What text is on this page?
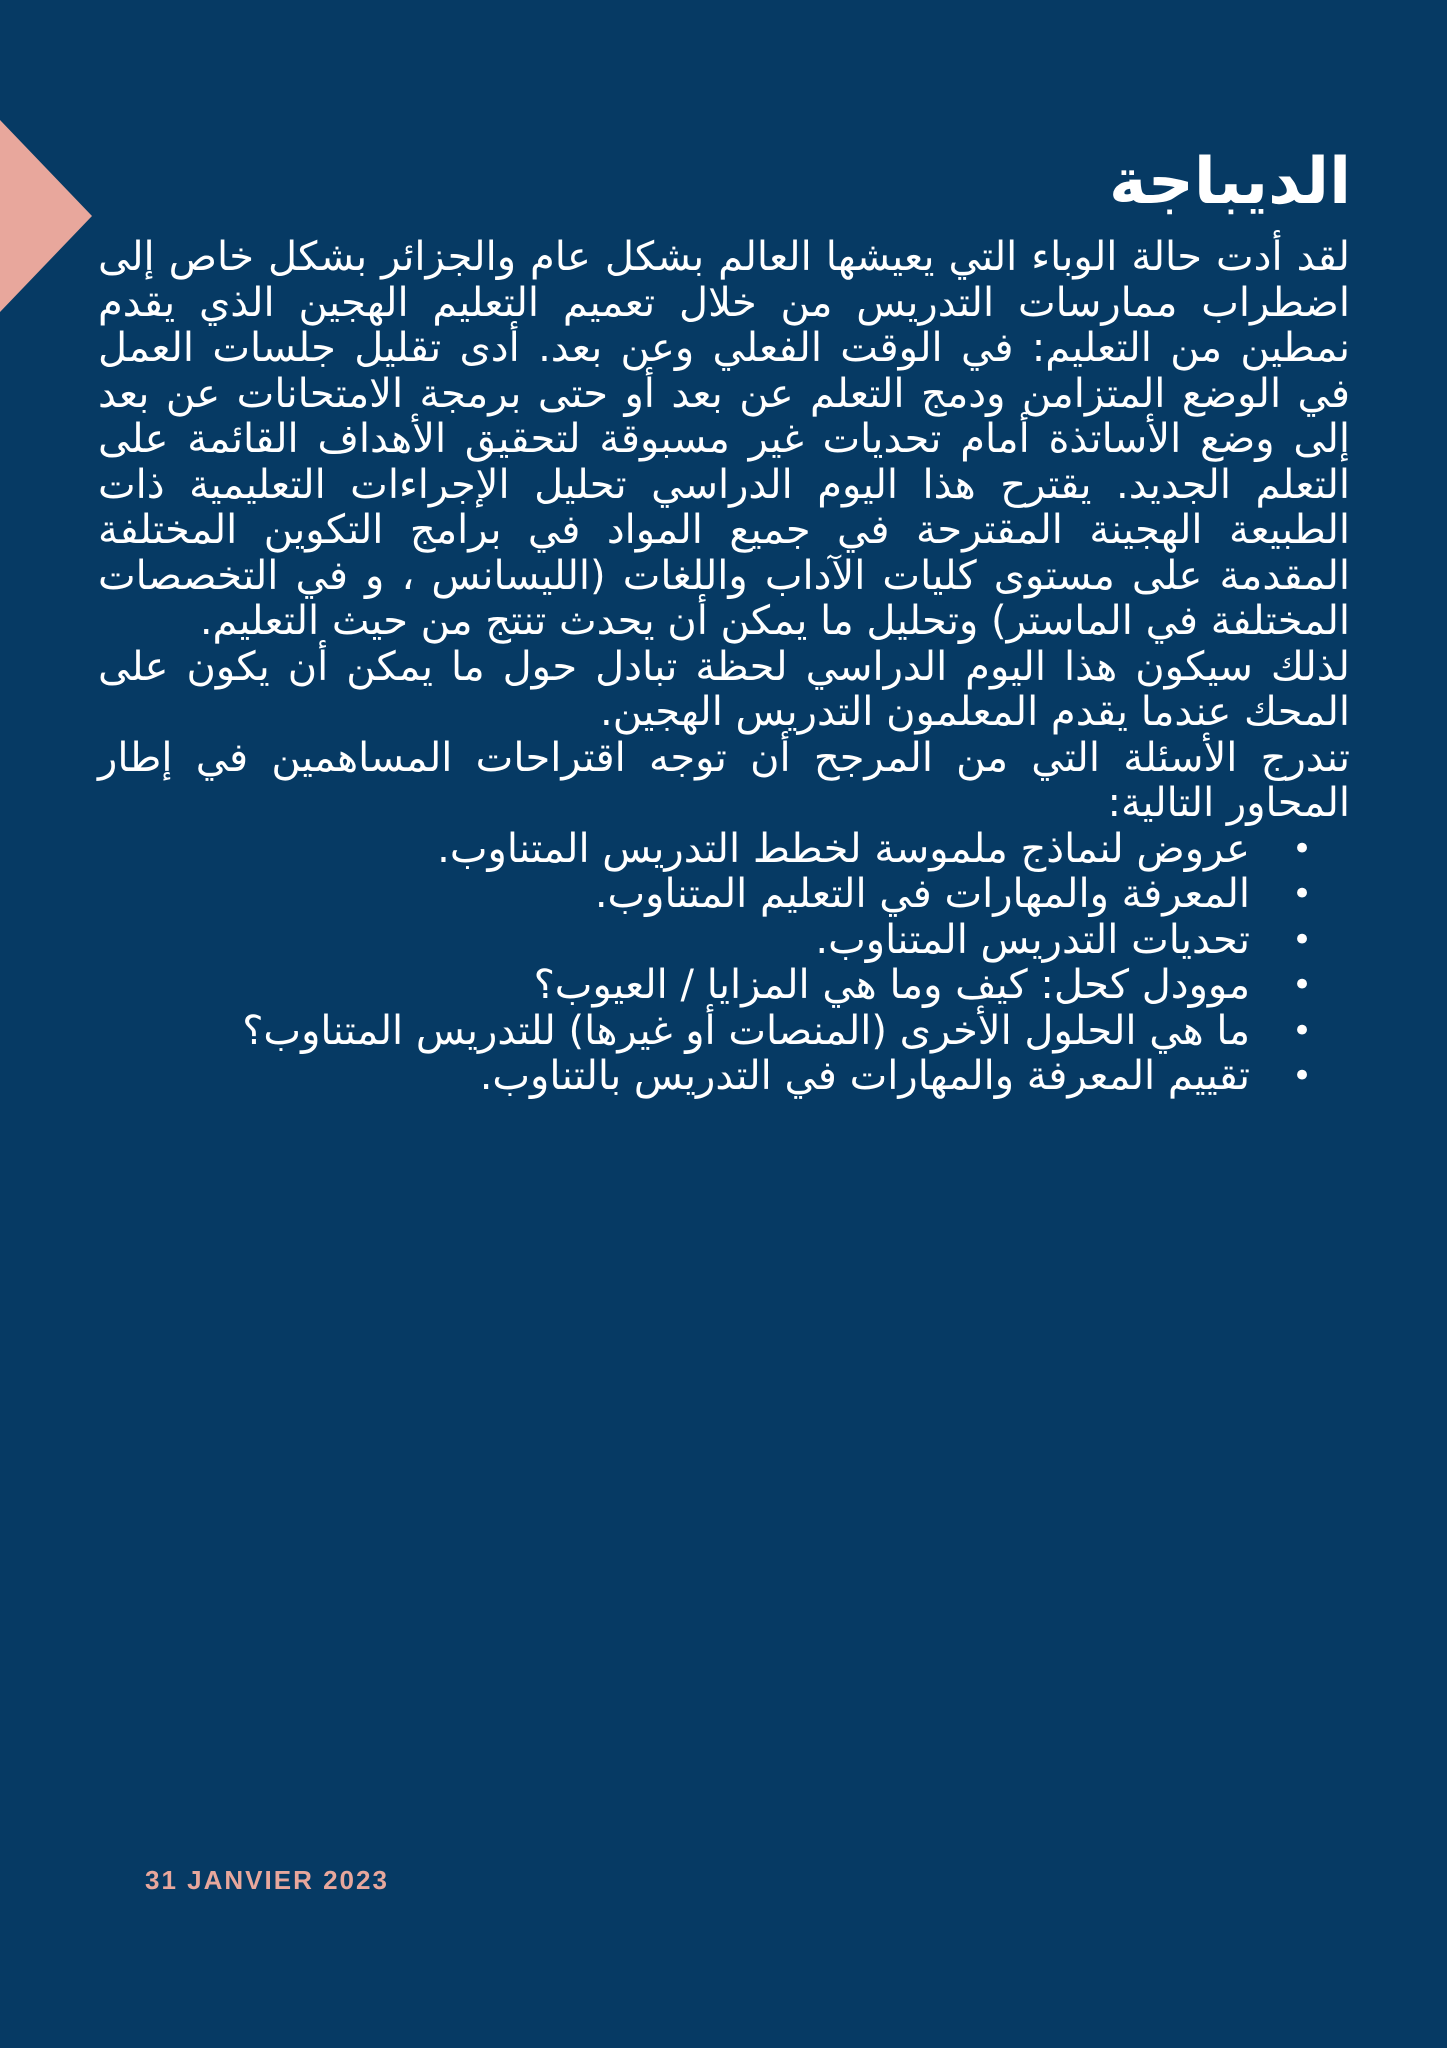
الديباجة

لقد أدت حالة الوباء التي يعيشها العالم بشكل عام والجزائر بشكل خاص إلى اضطراب ممارسات التدريس من خلال تعميم التعليم الهجين الذي يقدم نمطين من التعليم: في الوقت الفعلي وعن بعد. أدى تقليل جلسات العمل في الوضع المتزامن ودمج التعلم عن بعد أو حتى برمجة الامتحانات عن بعد إلى وضع الأساتذة أمام تحديات غير مسبوقة لتحقيق الأهداف القائمة على التعلم الجديد. يقترح هذا اليوم الدراسي تحليل الإجراءات التعليمية ذات الطبيعة الهجينة المقترحة في جميع المواد في برامج التكوين المختلفة المقدمة على مستوى كليات الآداب واللغات (الليسانس ، و في التخصصات المختلفة في الماستر) وتحليل ما يمكن أن يحدث تنتج من حيث التعليم.

لذلك سيكون هذا اليوم الدراسي لحظة تبادل حول ما يمكن أن يكون على المحك عندما يقدم المعلمون التدريس الهجين.

تندرج الأسئلة التي من المرجح أن توجه اقتراحات المساهمين في إطار المحاور التالية:

•
عروض لنماذج ملموسة لخطط التدريس المتناوب.
•
المعرفة والمهارات في التعليم المتناوب.
•
تحديات التدريس المتناوب.
•
موودل كحل: كيف وما هي المزايا / العيوب؟
•
ما هي الحلول الأخرى (المنصات أو غيرها) للتدريس المتناوب؟
•
تقييم المعرفة والمهارات في التدريس بالتناوب.
31 JANVIER 2023
